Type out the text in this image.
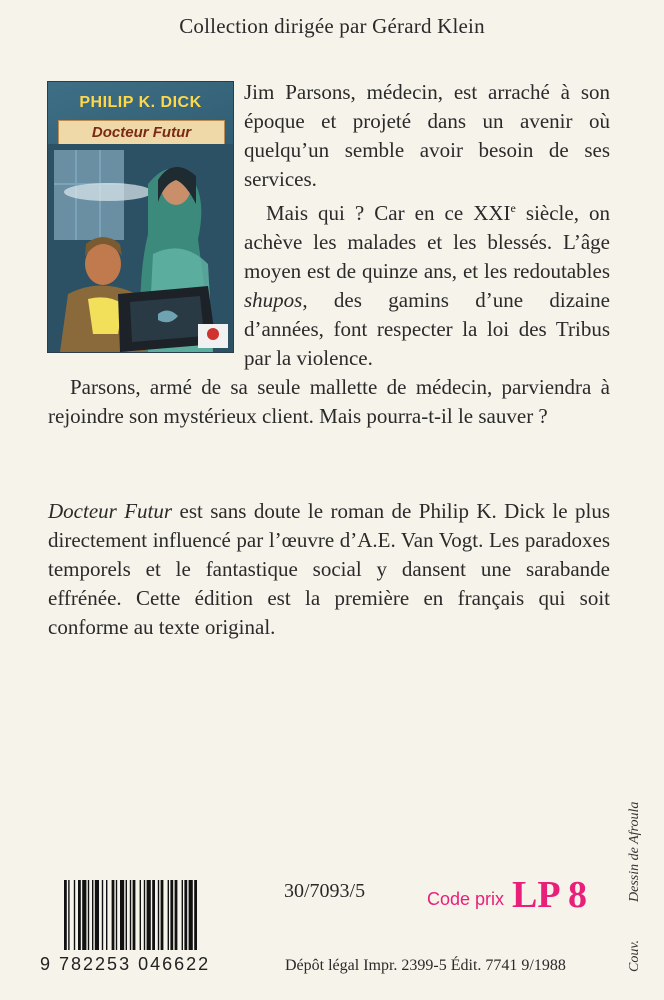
Collection dirigée par Gérard Klein
PHILIP K. DICK
Docteur Futur

Jim Parsons, médecin, est arraché à son époque et projeté dans un avenir où quelqu’un semble avoir besoin de ses services.

Mais qui ? Car en ce XXIe siècle, on achève les malades et les blessés. L’âge moyen est de quinze ans, et les redoutables shupos, des gamins d’une dizaine d’années, font respecter la loi des Tribus par la violence.

Parsons, armé de sa seule mallette de médecin, parviendra à rejoindre son mystérieux client. Mais pourra-t-il le sauver ?

Docteur Futur est sans doute le roman de Philip K. Dick le plus directement influencé par l’œuvre d’A.E. Van Vogt. Les paradoxes temporels et le fantastique social y dansent une sarabande effrénée. Cette édition est la première en français qui soit conforme au texte original.

9 782253 046622
30/7093/5	Code prix LP 8
Dépôt légal Impr. 2399-5 Édit. 7741 9/1988	Couv.Dessin de Afroula
